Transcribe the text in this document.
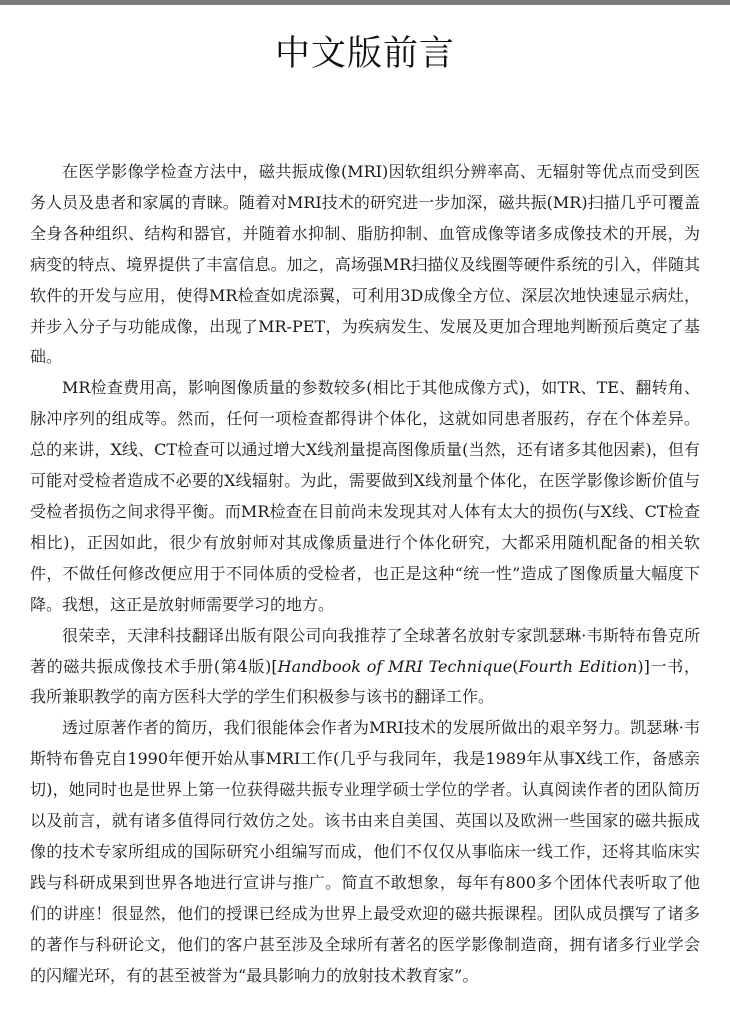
中文版前言

在医学影像学检查方法中，磁共振成像(MRI)因软组织分辨率高、无辐射等优点而受到医务人员及患者和家属的青睐。随着对MRI技术的研究进一步加深，磁共振(MR)扫描几乎可覆盖全身各种组织、结构和器官，并随着水抑制、脂肪抑制、血管成像等诸多成像技术的开展，为病变的特点、境界提供了丰富信息。加之，高场强MR扫描仪及线圈等硬件系统的引入，伴随其软件的开发与应用，使得MR检查如虎添翼，可利用3D成像全方位、深层次地快速显示病灶，并步入分子与功能成像，出现了MR-PET，为疾病发生、发展及更加合理地判断预后奠定了基础。

MR检查费用高，影响图像质量的参数较多(相比于其他成像方式)，如TR、TE、翻转角、脉冲序列的组成等。然而，任何一项检查都得讲个体化，这就如同患者服药，存在个体差异。总的来讲，X线、CT检查可以通过增大X线剂量提高图像质量(当然，还有诸多其他因素)，但有可能对受检者造成不必要的X线辐射。为此，需要做到X线剂量个体化，在医学影像诊断价值与受检者损伤之间求得平衡。而MR检查在目前尚未发现其对人体有太大的损伤(与X线、CT检查相比)，正因如此，很少有放射师对其成像质量进行个体化研究，大都采用随机配备的相关软件，不做任何修改便应用于不同体质的受检者，也正是这种“统一性”造成了图像质量大幅度下降。我想，这正是放射师需要学习的地方。

很荣幸，天津科技翻译出版有限公司向我推荐了全球著名放射专家凯瑟琳·韦斯特布鲁克所著的磁共振成像技术手册(第4版)[Handbook of MRI Technique(Fourth Edition)]一书，我所兼职教学的南方医科大学的学生们积极参与该书的翻译工作。

透过原著作者的简历，我们很能体会作者为MRI技术的发展所做出的艰辛努力。凯瑟琳·韦斯特布鲁克自1990年便开始从事MRI工作(几乎与我同年，我是1989年从事X线工作，备感亲切)，她同时也是世界上第一位获得磁共振专业理学硕士学位的学者。认真阅读作者的团队简历以及前言，就有诸多值得同行效仿之处。该书由来自美国、英国以及欧洲一些国家的磁共振成像的技术专家所组成的国际研究小组编写而成，他们不仅仅从事临床一线工作，还将其临床实践与科研成果到世界各地进行宣讲与推广。简直不敢想象，每年有800多个团体代表听取了他们的讲座！很显然，他们的授课已经成为世界上最受欢迎的磁共振课程。团队成员撰写了诸多的著作与科研论文，他们的客户甚至涉及全球所有著名的医学影像制造商，拥有诸多行业学会的闪耀光环，有的甚至被誉为“最具影响力的放射技术教育家”。
